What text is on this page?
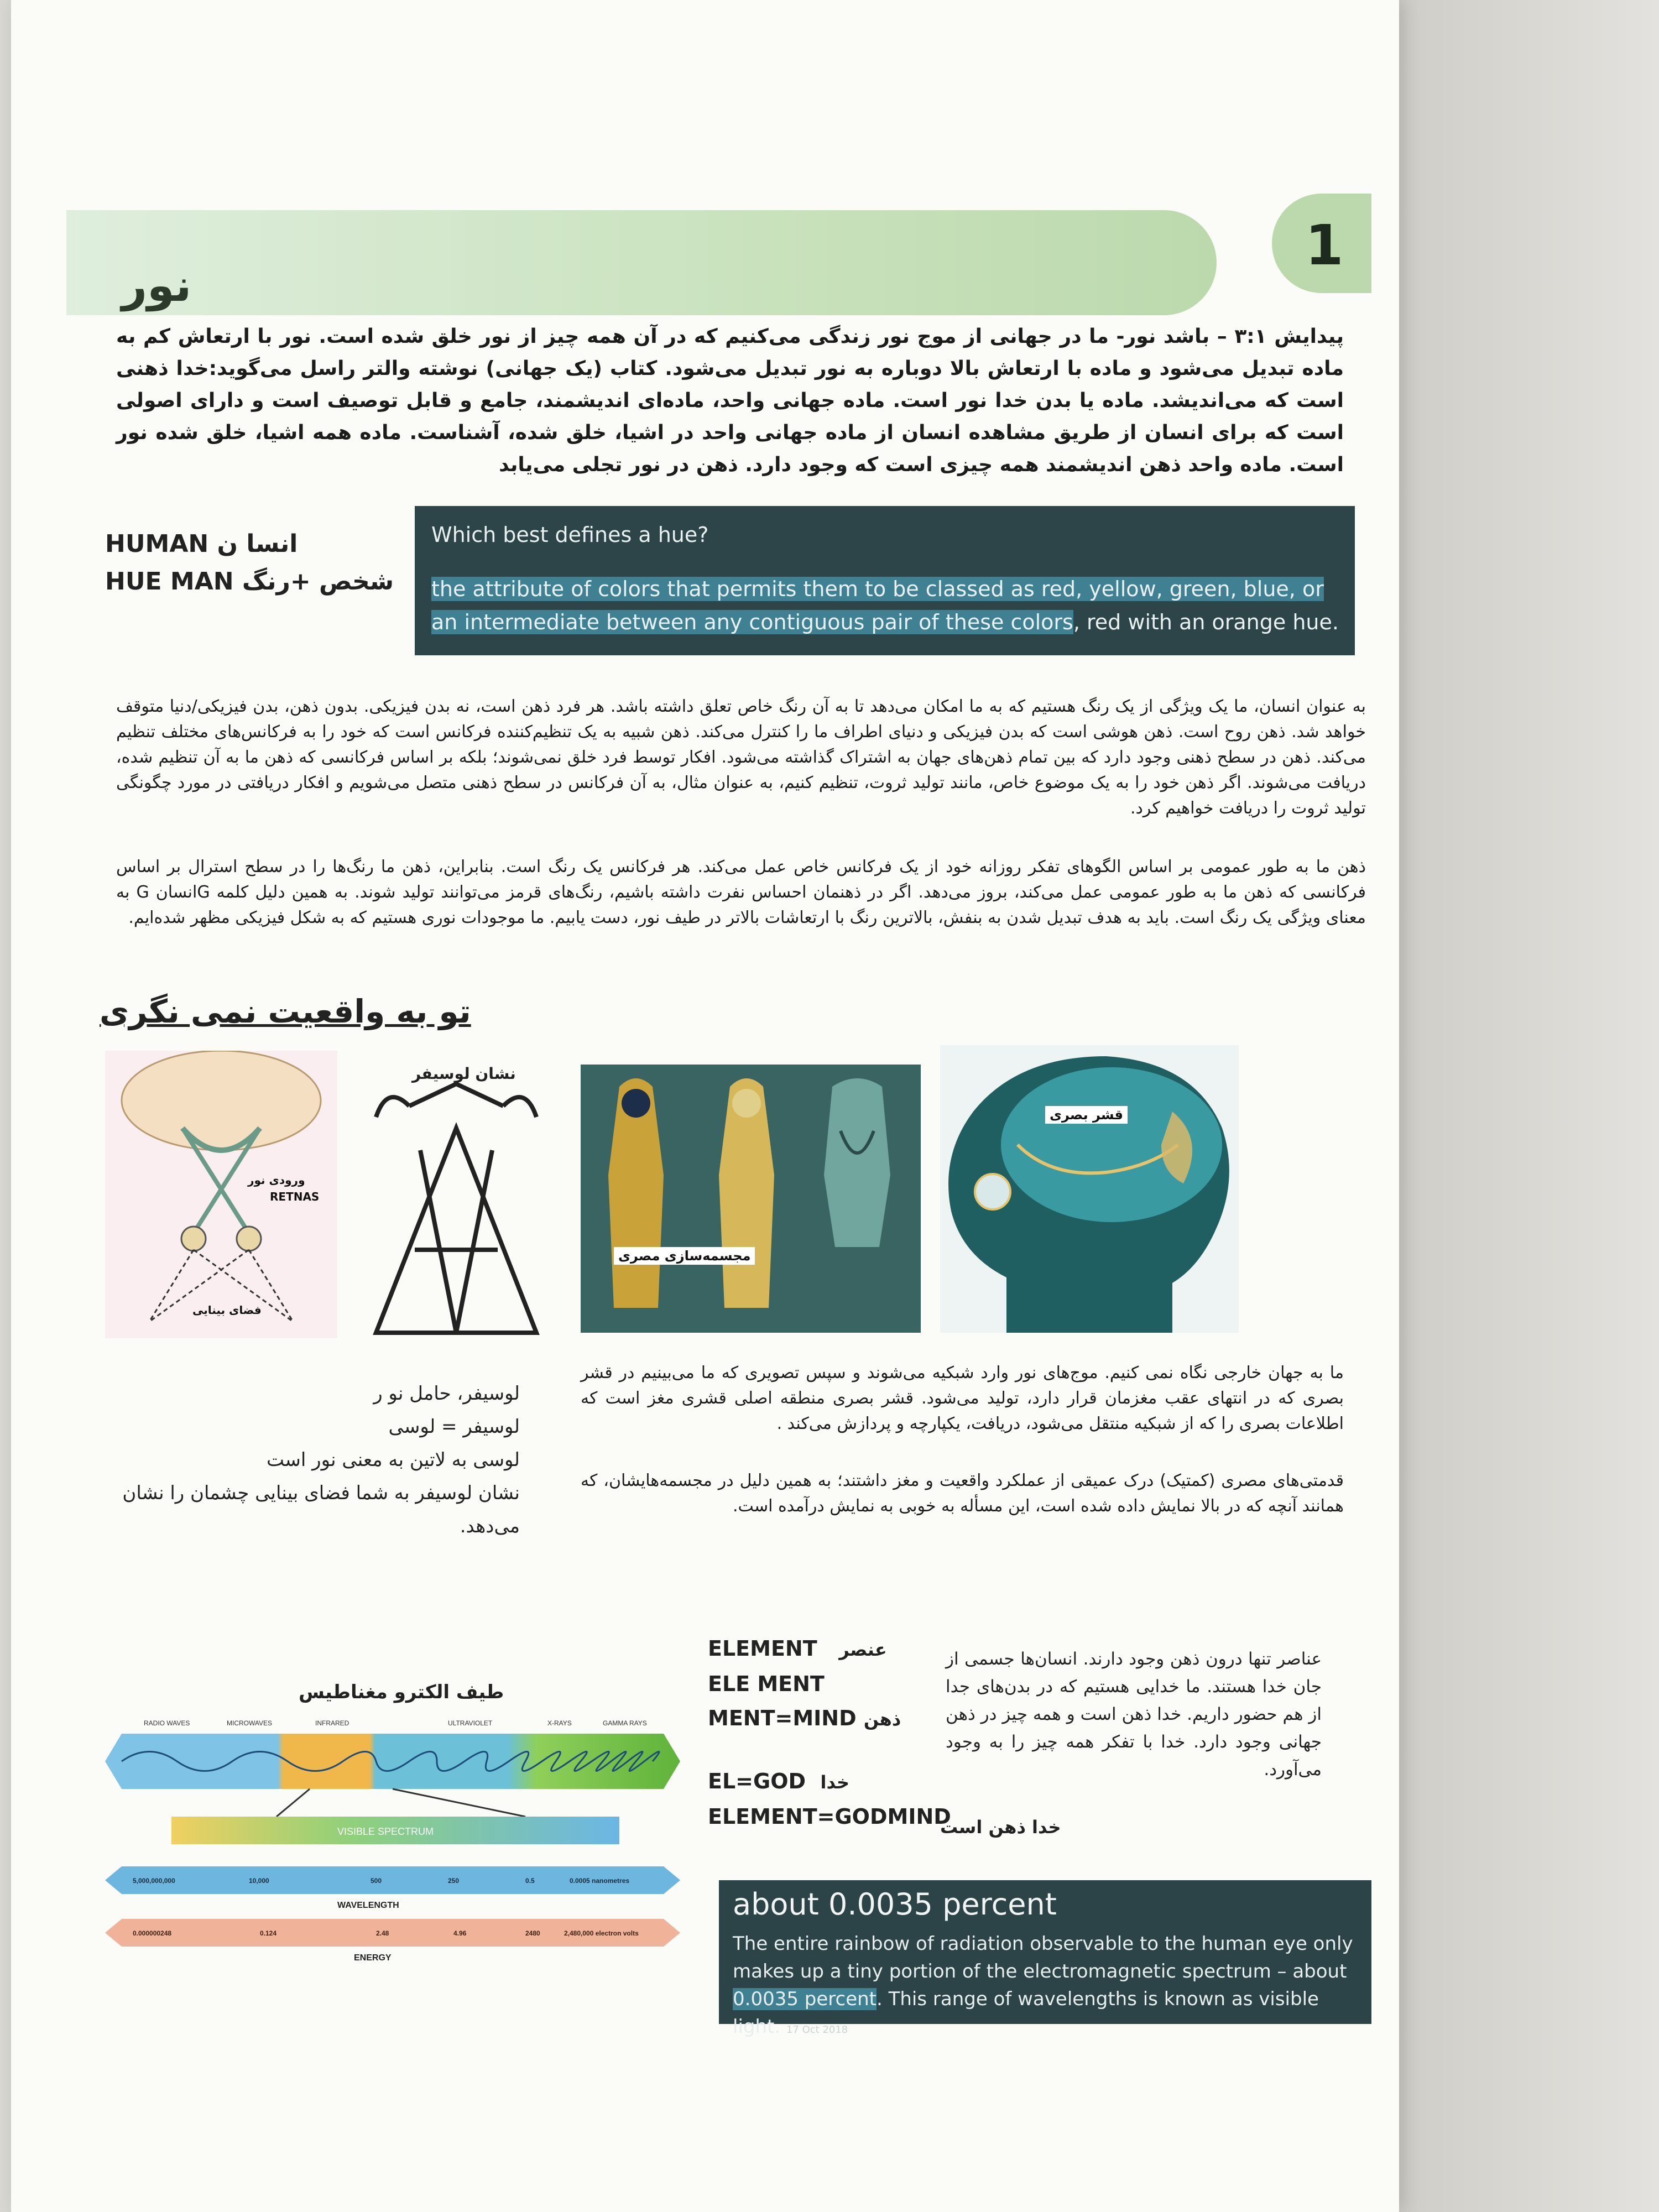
نور
1
پیدایش ۳:۱ – باشد نور- ما در جهانی از موج نور زندگی می‌کنیم که در آن همه چیز از نور خلق شده است. نور با ارتعاش کم به ماده تبدیل می‌شود و ماده با ارتعاش بالا دوباره به نور تبدیل می‌شود. کتاب (یک جهانی) نوشته والتر راسل می‌گوید:خدا ذهنی است که می‌اندیشد. ماده یا بدن خدا نور است. ماده جهانی واحد، ماده‌ای اندیشمند، جامع و قابل توصیف است و دارای اصولی است که برای انسان از طریق مشاهده انسان از ماده جهانی واحد در اشیا، خلق شده، آشناست. ماده همه اشیا، خلق شده نور است. ماده واحد ذهن اندیشمند همه چیزی است که وجود دارد. ذهن در نور تجلی می‌یابد
HUMAN انسا ن
HUE MAN شخص +رنگ
Which best defines a hue?
the attribute of colors that permits them to be classed as red, yellow, green, blue, or an intermediate between any contiguous pair of these colors, red with an orange hue.
به عنوان انسان، ما یک ویژگی از یک رنگ هستیم که به ما امکان می‌دهد تا به آن رنگ خاص تعلق داشته باشد. هر فرد ذهن است، نه بدن فیزیکی. بدون ذهن، بدن فیزیکی/دنیا متوقف خواهد شد. ذهن روح است. ذهن هوشی است که بدن فیزیکی و دنیای اطراف ما را کنترل می‌کند. ذهن شبیه به یک تنظیم‌کننده فرکانس است که خود را به فرکانس‌های مختلف تنظیم می‌کند. ذهن در سطح ذهنی وجود دارد که بین تمام ذهن‌های جهان به اشتراک گذاشته می‌شود. افکار توسط فرد خلق نمی‌شوند؛ بلکه بر اساس فرکانسی که ذهن ما به آن تنظیم شده، دریافت می‌شوند. اگر ذهن خود را به یک موضوع خاص، مانند تولید ثروت، تنظیم کنیم، به عنوان مثال، به آن فرکانس در سطح ذهنی متصل می‌شویم و افکار دریافتی در مورد چگونگی تولید ثروت را دریافت خواهیم کرد.
ذهن ما به طور عمومی بر اساس الگوهای تفکر روزانه خود از یک فرکانس خاص عمل می‌کند. هر فرکانس یک رنگ است. بنابراین، ذهن ما رنگ‌ها را در سطح استرال بر اساس فرکانسی که ذهن ما به طور عمومی عمل می‌کند، بروز می‌دهد. اگر در ذهنمان احساس نفرت داشته باشیم، رنگ‌های قرمز می‌توانند تولید شوند. به همین دلیل کلمه Gانسان G به معنای ویژگی یک رنگ است. باید به هدف تبدیل شدن به بنفش، بالاترین رنگ با ارتعاشات بالاتر در طیف نور، دست یابیم. ما موجودات نوری هستیم که به شکل فیزیکی مظهر شده‌ایم.
تو به واقعیت نمی نگری
قشر بصری
مجسمه‌سازی مصری
نشان لوسیفر
ورودی نور
RETNAS
فضای بینایی
لوسیفر، حامل نو ر
لوسیفر = لوسی
لوسی به لاتین به معنی نور است
نشان لوسیفر به شما فضای بینایی چشمان را نشان می‌دهد.
ما به جهان خارجی نگاه نمی کنیم. موج‌های نور وارد شبکیه می‌شوند و سپس تصویری که ما می‌بینیم در قشر بصری که در انتهای عقب مغزمان قرار دارد، تولید می‌شود. قشر بصری منطقه اصلی قشری مغز است که اطلاعات بصری را که از شبکیه منتقل می‌شود، دریافت، یکپارچه و پردازش می‌کند .
قدمتی‌های مصری (کمتیک) درک عمیقی از عملکرد واقعیت و مغز داشتند؛ به همین دلیل در مجسمه‌هایشان، که همانند آنچه که در بالا نمایش داده شده است، این مسأله به خوبی به نمایش درآمده است.
طیف الکترو مغناطیس
RADIO WAVES	MICROWAVES	INFRARED	ULTRAVIOLET	X-RAYS	GAMMA RAYS
VISIBLE SPECTRUM
5,000,000,000	10,000	500	250	0.5	0.0005 nanometres
WAVELENGTH
0.000000248	0.124	2.48	4.96	2480	2,480,000 electron volts
ENERGY
ELEMENT عنصر
ELE MENT
MENT=MIND ذهن
EL=GOD خدا
ELEMENT=GODMIND
عناصر تنها درون ذهن وجود دارند. انسان‌ها جسمی از جان خدا هستند. ما خدایی هستیم که در بدن‌های جدا از هم حضور داریم. خدا ذهن است و همه چیز در ذهن جهانی وجود دارد. خدا با تفکر همه چیز را به وجود می‌آورد.
خدا ذهن است
about 0.0035 percent
The entire rainbow of radiation observable to the human eye only makes up a tiny portion of the electromagnetic spectrum – about 0.0035 percent. This range of wavelengths is known as visible light. 17 Oct 2018
